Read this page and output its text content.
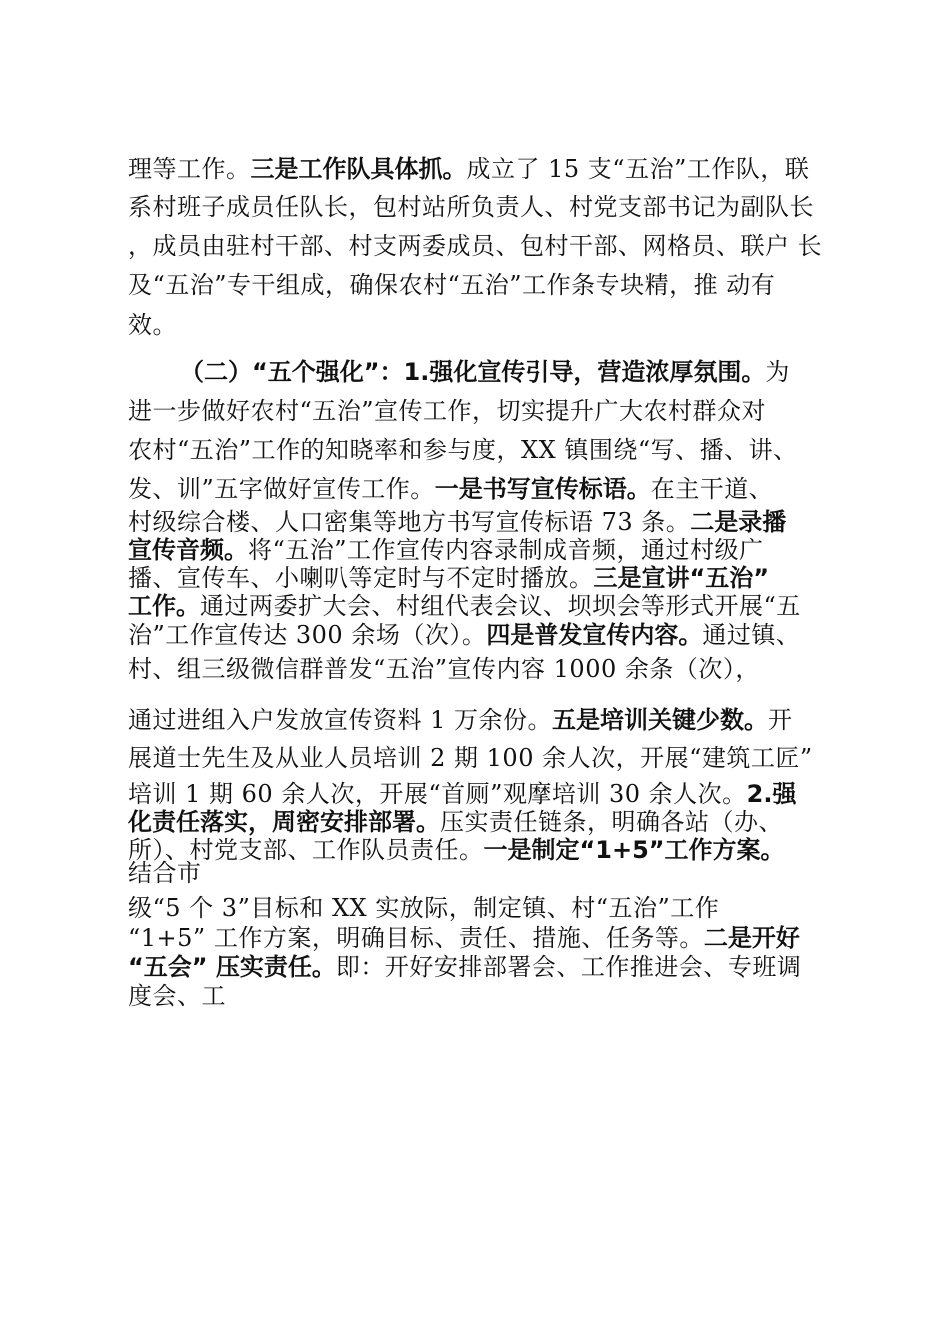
理等工作。三是工作队具体抓。成立了 15 支“五治”工作队，联
系村班子成员任队长，包村站所负责人、村党支部书记为副队长
，成员由驻村干部、村支两委成员、包村干部、网格员、联户 长
及“五治”专干组成，确保农村“五治”工作条专块精，推 动有
效。
（二）“五个强化”：1.强化宣传引导，营造浓厚氛围。为
进一步做好农村“五治”宣传工作，切实提升广大农村群众对
农村“五治”工作的知晓率和参与度，XX 镇围绕“写、播、讲、
发、训”五字做好宣传工作。一是书写宣传标语。在主干道、
村级综合楼、人口密集等地方书写宣传标语 73 条。二是录播
宣传音频。将“五治”工作宣传内容录制成音频，通过村级广
播、宣传车、小喇叭等定时与不定时播放。三是宣讲“五治”
工作。通过两委扩大会、村组代表会议、坝坝会等形式开展“五
治”工作宣传达 300 余场（次）。四是普发宣传内容。通过镇、
村、组三级微信群普发“五治”宣传内容 1000 余条（次），
通过进组入户发放宣传资料 1 万余份。五是培训关键少数。开
展道士先生及从业人员培训 2 期 100 余人次，开展“建筑工匠”
培训 1 期 60 余人次，开展“首厕”观摩培训 30 余人次。2.强
化责任落实，周密安排部署。压实责任链条，明确各站（办、
所）、村党支部、工作队员责任。一是制定“1+5”工作方案。
结合市
级“5 个 3”目标和 XX 实放际，制定镇、村“五治”工作
“1+5” 工作方案，明确目标、责任、措施、任务等。二是开好
“五会” 压实责任。即：开好安排部署会、工作推进会、专班调
度会、工
